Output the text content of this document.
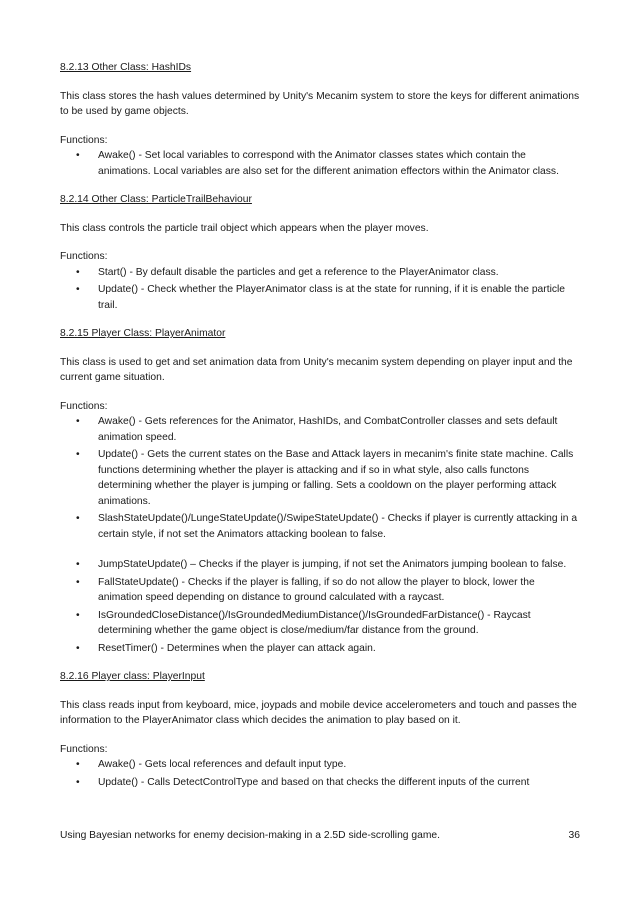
8.2.13 Other Class: HashIDs

This class stores the hash values determined by Unity's Mecanim system to store the keys for different animations to be used by game objects.

Functions:

• Awake() - Set local variables to correspond with the Animator classes states which contain the animations. Local variables are also set for the different animation effectors within the Animator class.
8.2.14 Other Class: ParticleTrailBehaviour

This class controls the particle trail object which appears when the player moves.

Functions:

• Start() - By default disable the particles and get a reference to the PlayerAnimator class.
• Update() - Check whether the PlayerAnimator class is at the state for running, if it is enable the particle trail.
8.2.15 Player Class: PlayerAnimator

This class is used to get and set animation data from Unity's mecanim system depending on player input and the current game situation.

Functions:

• Awake() - Gets references for the Animator, HashIDs, and CombatController classes and sets default animation speed.
• Update() - Gets the current states on the Base and Attack layers in mecanim's finite state machine. Calls functions determining whether the player is attacking and if so in what style, also calls functons determining whether the player is jumping or falling. Sets a cooldown on the player performing attack animations.
• SlashStateUpdate()/LungeStateUpdate()/SwipeStateUpdate() - Checks if player is currently attacking in a certain style, if not set the Animators attacking boolean to false.
• JumpStateUpdate() – Checks if the player is jumping, if not set the Animators jumping boolean to false.
• FallStateUpdate() - Checks if the player is falling, if so do not allow the player to block, lower the animation speed depending on distance to ground calculated with a raycast.
• IsGroundedCloseDistance()/IsGroundedMediumDistance()/IsGroundedFarDistance() - Raycast determining whether the game object is close/medium/far distance from the ground.
• ResetTimer() - Determines when the player can attack again.
8.2.16 Player class: PlayerInput

This class reads input from keyboard, mice, joypads and mobile device accelerometers and touch and passes the information to the PlayerAnimator class which decides the animation to play based on it.

Functions:

• Awake() - Gets local references and default input type.
• Update() - Calls DetectControlType and based on that checks the different inputs of the current
Using Bayesian networks for enemy decision-making in a 2.5D side-scrolling game.	36
